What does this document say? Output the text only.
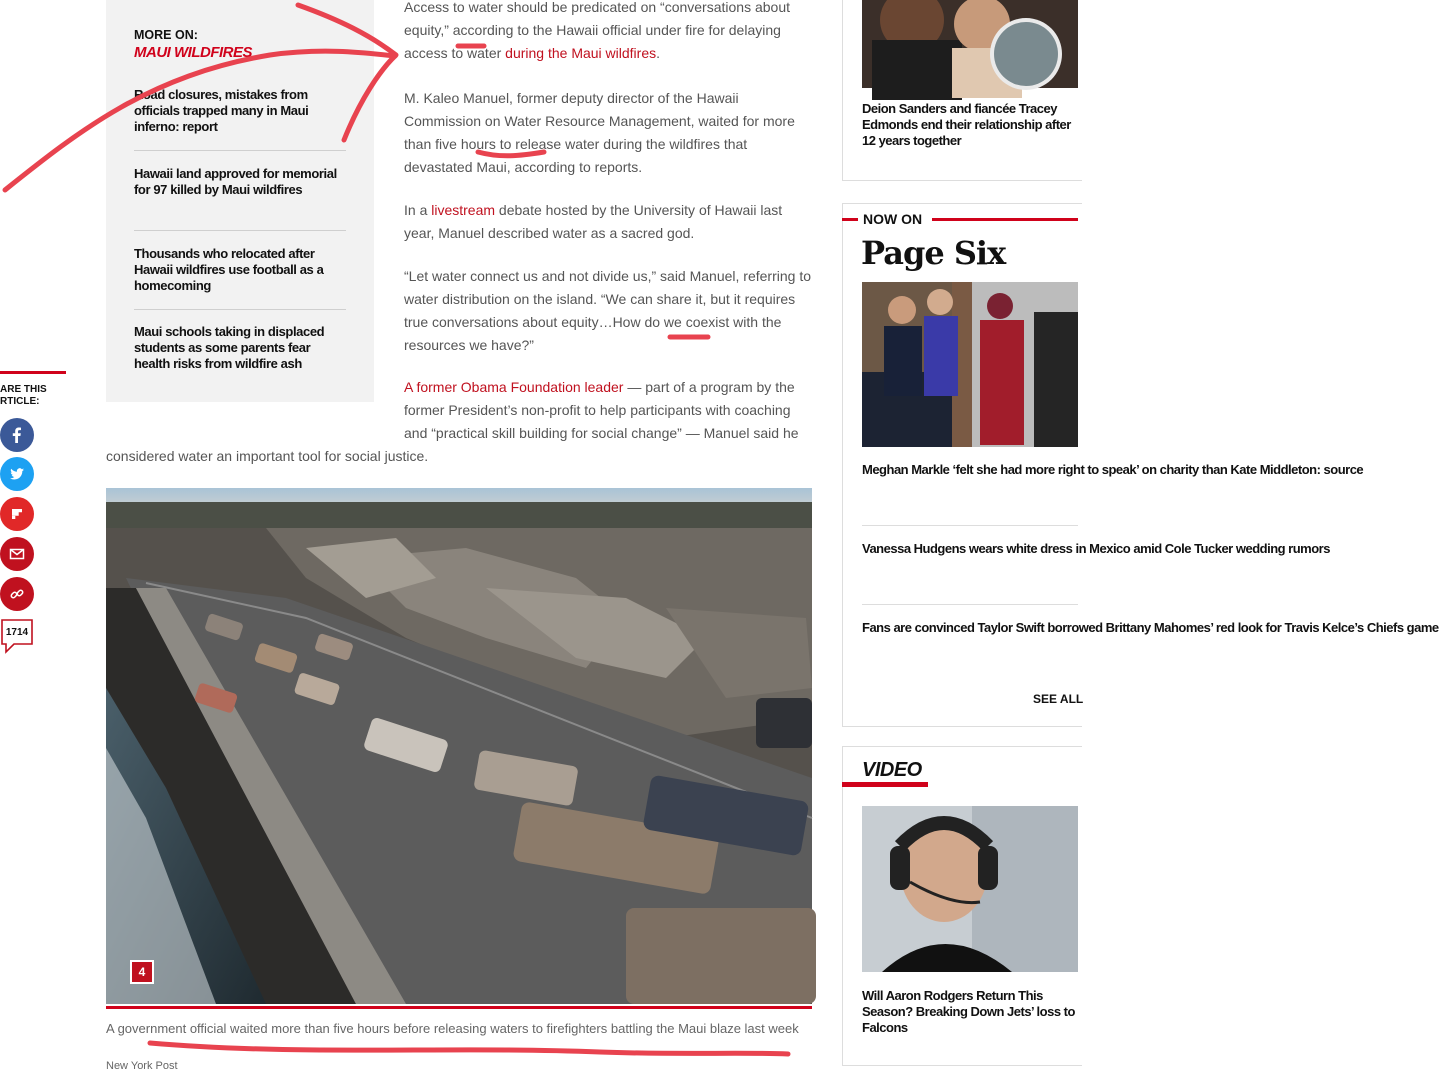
ARE THIS RTICLE:
1714
MORE ON:
MAUI WILDFIRES
Road closures, mistakes from officials trapped many in Maui inferno: report
Hawaii land approved for memorial for 97 killed by Maui wildfires
Thousands who relocated after Hawaii wildfires use football as a homecoming
Maui schools taking in displaced students as some parents fear health risks from wildfire ash

Access to water should be predicated on “conversations about equity,” according to the Hawaii official under fire for delaying access to water during the Maui wildfires.

M. Kaleo Manuel, former deputy director of the Hawaii Commission on Water Resource Management, waited for more than five hours to release water during the wildfires that devastated Maui, according to reports.

In a livestream debate hosted by the University of Hawaii last year, Manuel described water as a sacred god.

“Let water connect us and not divide us,” said Manuel, referring to water distribution on the island. “We can share it, but it requires true conversations about equity…How do we coexist with the resources we have?”

A former Obama Foundation leader — part of a program by the former President’s non-profit to help participants with coaching and “practical skill building for social change” — Manuel said he considered water an important tool for social justice.

4
A government official waited more than five hours before releasing waters to firefighters battling the Maui blaze last week
New York Post
Deion Sanders and fiancée Tracey Edmonds end their relationship after 12 years together
NOW ON
Page Six
Meghan Markle ‘felt she had more right to speak’ on charity than Kate Middleton: source
Vanessa Hudgens wears white dress in Mexico amid Cole Tucker wedding rumors
Fans are convinced Taylor Swift borrowed Brittany Mahomes’ red look for Travis Kelce’s Chiefs game
SEE ALL
VIDEO
Will Aaron Rodgers Return This Season? Breaking Down Jets’ loss to Falcons
